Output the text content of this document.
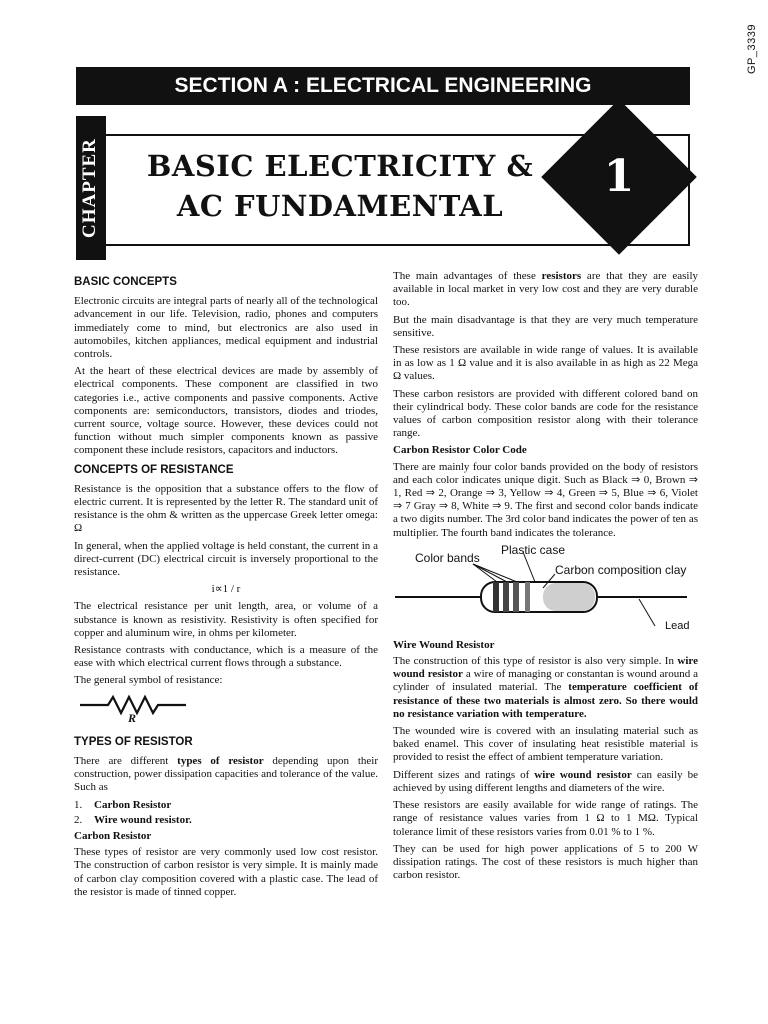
GP_3339
SECTION A : ELECTRICAL ENGINEERING
CHAPTER BASIC ELECTRICITY &
AC FUNDAMENTAL
1
BASIC CONCEPTS

Electronic circuits are integral parts of nearly all of the technological advancement in our life. Television, radio, phones and computers immediately come to mind, but electronics are also used in automobiles, kitchen appliances, medical equipment and industrial controls.

At the heart of these electrical devices are made by assembly of electrical components. These component are classified in two categories i.e., active components and passive components. Active components are: semiconductors, transistors, diodes and triodes, current source, voltage source. However, these devices could not function without much simpler components known as passive component these include resistors, capacitors and inductors.

CONCEPTS OF RESISTANCE

Resistance is the opposition that a substance offers to the flow of electric current. It is represented by the letter R. The standard unit of resistance is the ohm & written as the uppercase Greek letter omega: Ω

In general, when the applied voltage is held constant, the current in a direct-current (DC) electrical circuit is inversely proportional to the resistance.

i∝1 / r

The electrical resistance per unit length, area, or volume of a substance is known as resistivity. Resistivity is often specified for copper and aluminum wire, in ohms per kilometer.

Resistance contrasts with conductance, which is a measure of the ease with which electrical current flows through a substance.

The general symbol of resistance:

R
TYPES OF RESISTOR

There are different types of resistor depending upon their construction, power dissipation capacities and tolerance of the value. Such as

1. Carbon Resistor
2. Wire wound resistor.
Carbon Resistor

These types of resistor are very commonly used low cost resistor. The construction of carbon resistor is very simple. It is mainly made of carbon clay composition covered with a plastic case. The lead of the resistor is made of tinned copper.

The main advantages of these resistors are that they are easily available in local market in very low cost and they are very durable too.

But the main disadvantage is that they are very much temperature sensitive.

These resistors are available in wide range of values. It is available in as low as 1 Ω value and it is also available in as high as 22 Mega Ω values.

These carbon resistors are provided with different colored band on their cylindrical body. These color bands are code for the resistance values of carbon composition resistor along with their tolerance range.

Carbon Resistor Color Code

There are mainly four color bands provided on the body of resistors and each color indicates unique digit. Such as Black ⇒ 0, Brown ⇒ 1, Red ⇒ 2, Orange ⇒ 3, Yellow ⇒ 4, Green ⇒ 5, Blue ⇒ 6, Violet ⇒ 7 Gray ⇒ 8, White ⇒ 9. The first and second color bands indicate a two digits number. The 3rd color band indicates the power of ten as multiplier. The fourth band indicates the tolerance.

Plastic case
Color bands
Carbon composition clay
Lead
Wire Wound Resistor

The construction of this type of resistor is also very simple. In wire wound resistor a wire of managing or constantan is wound around a cylinder of insulated material. The temperature coefficient of resistance of these two materials is almost zero. So there would no resistance variation with temperature.

The wounded wire is covered with an insulating material such as baked enamel. This cover of insulating heat resistible material is provided to resist the effect of ambient temperature variation.

Different sizes and ratings of wire wound resistor can easily be achieved by using different lengths and diameters of the wire.

These resistors are easily available for wide range of ratings. The range of resistance values varies from 1 Ω to 1 MΩ. Typical tolerance limit of these resistors varies from 0.01 % to 1 %.

They can be used for high power applications of 5 to 200 W dissipation ratings. The cost of these resistors is much higher than carbon resistor.
